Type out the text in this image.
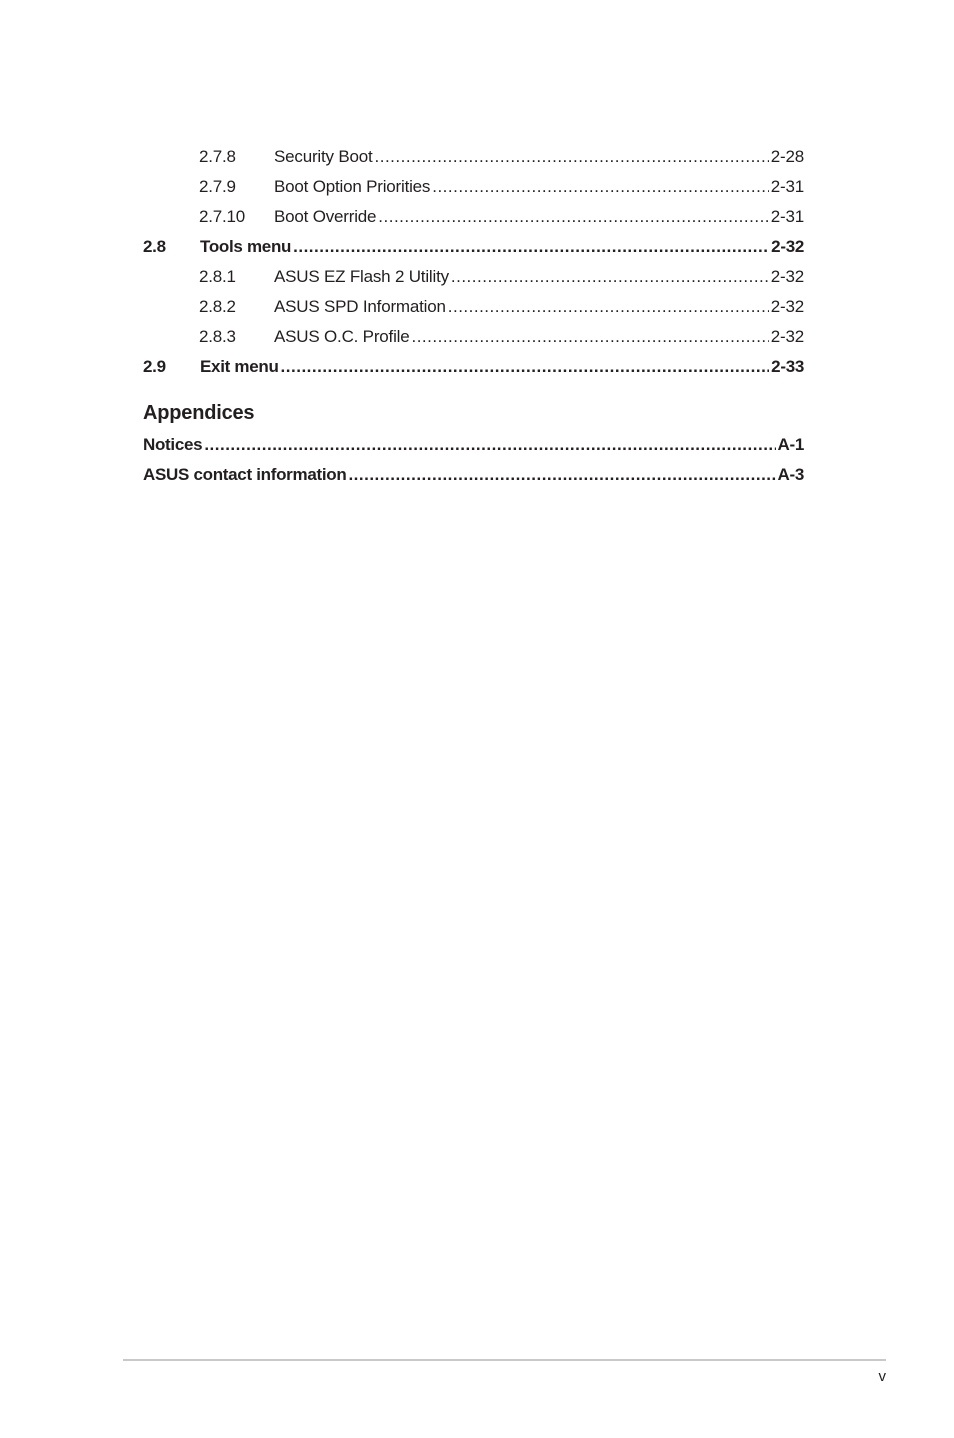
2.7.8	Security Boot .....	2-28
2.7.9	Boot Option Priorities .....	2-31
2.7.10	Boot Override .....	2-31
2.8	Tools menu .....	2-32
2.8.1	ASUS EZ Flash 2 Utility .....	2-32
2.8.2	ASUS SPD Information .....	2-32
2.8.3	ASUS O.C. Profile .....	2-32
2.9	Exit menu .....	2-33
Appendices
Notices .....	A-1
ASUS contact information .....	A-3
v
